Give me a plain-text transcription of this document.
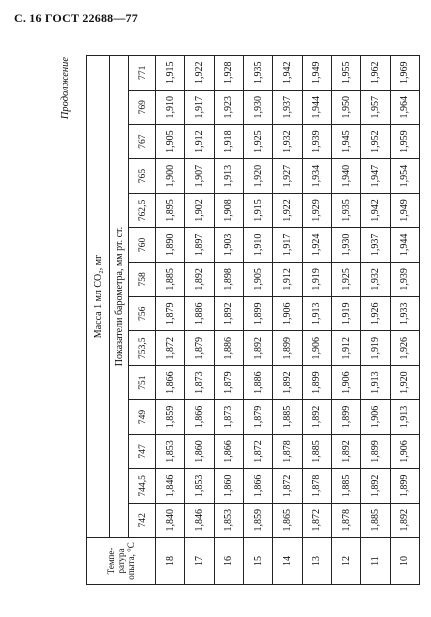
С. 16 ГОСТ 22688—77
Продолжение
Темпе-ратура опыта, °С	Масса 1 мл CO₂, мг													
	Показатели барометра, мм рт. ст.													
	742	744,5	747	749	751	753,5	756	758	760	762,5	765	767	769	771
18	1,840	1,846	1,853	1,859	1,866	1,872	1,879	1,885	1,890	1,895	1,900	1,905	1,910	1,915
17	1,846	1,853	1,860	1,866	1,873	1,879	1,886	1,892	1,897	1,902	1,907	1,912	1,917	1,922
16	1,853	1,860	1,866	1,873	1,879	1,886	1,892	1,898	1,903	1,908	1,913	1,918	1,923	1,928
15	1,859	1,866	1,872	1,879	1,886	1,892	1,899	1,905	1,910	1,915	1,920	1,925	1,930	1,935
14	1,865	1,872	1,878	1,885	1,892	1,899	1,906	1,912	1,917	1,922	1,927	1,932	1,937	1,942
13	1,872	1,878	1,885	1,892	1,899	1,906	1,913	1,919	1,924	1,929	1,934	1,939	1,944	1,949
12	1,878	1,885	1,892	1,899	1,906	1,912	1,919	1,925	1,930	1,935	1,940	1,945	1,950	1,955
11	1,885	1,892	1,899	1,906	1,913	1,919	1,926	1,932	1,937	1,942	1,947	1,952	1,957	1,962
10	1,892	1,899	1,906	1,913	1,920	1,926	1,933	1,939	1,944	1,949	1,954	1,959	1,964	1,969
